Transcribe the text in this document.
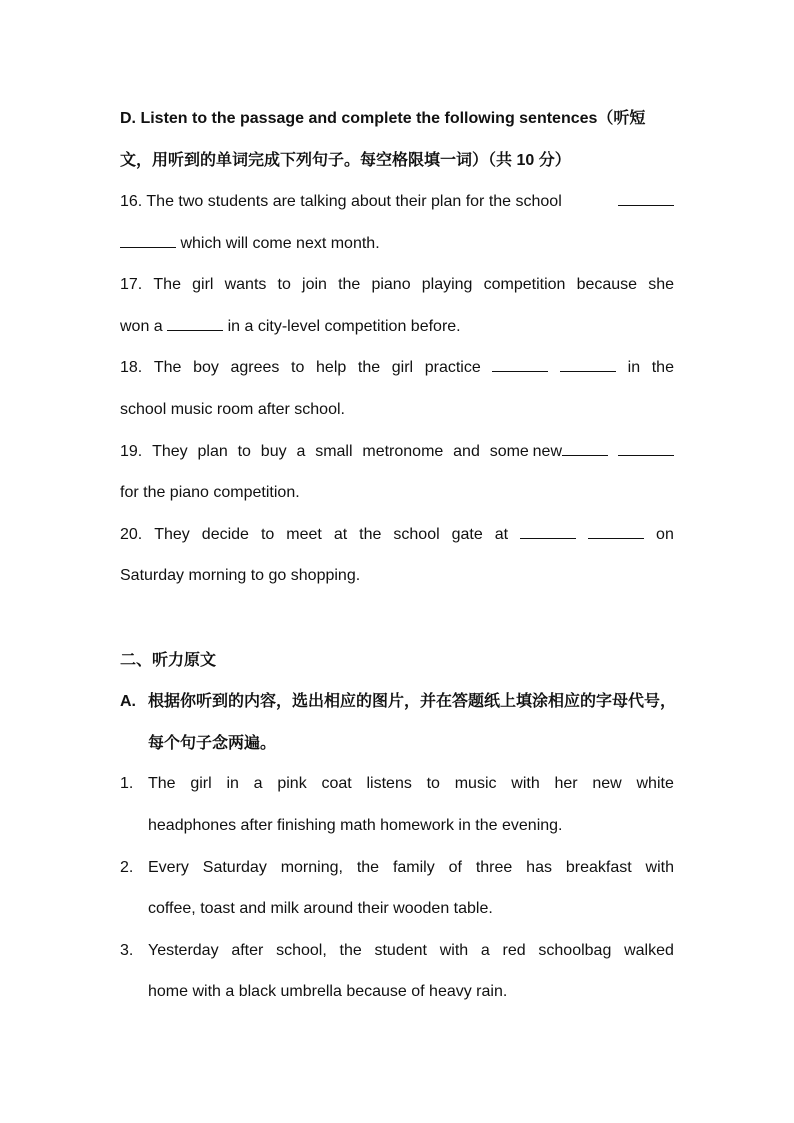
D. Listen to the passage and complete the following sentences（听短
文，用听到的单词完成下列句子。每空格限填一词）（共 10 分）
16. The two students are talking about their plan for the school
which will come next month.
17. The girl wants to join the piano playing competition because she
won a	in a city-level competition before.
18. The boy agrees to help the girl practice	in the
school music room after school.
19. They plan to buy a small metronome and some new
for the piano competition.
20. They decide to meet at the school gate at	on
Saturday morning to go shopping.
二、听力原文
A. 根据你听到的内容，选出相应的图片，并在答题纸上填涂相应的字母代号，
每个句子念两遍。
1. The girl in a pink coat listens to music with her new white
headphones after finishing math homework in the evening.
2. Every Saturday morning, the family of three has breakfast with
coffee, toast and milk around their wooden table.
3. Yesterday after school, the student with a red schoolbag walked
home with a black umbrella because of heavy rain.
